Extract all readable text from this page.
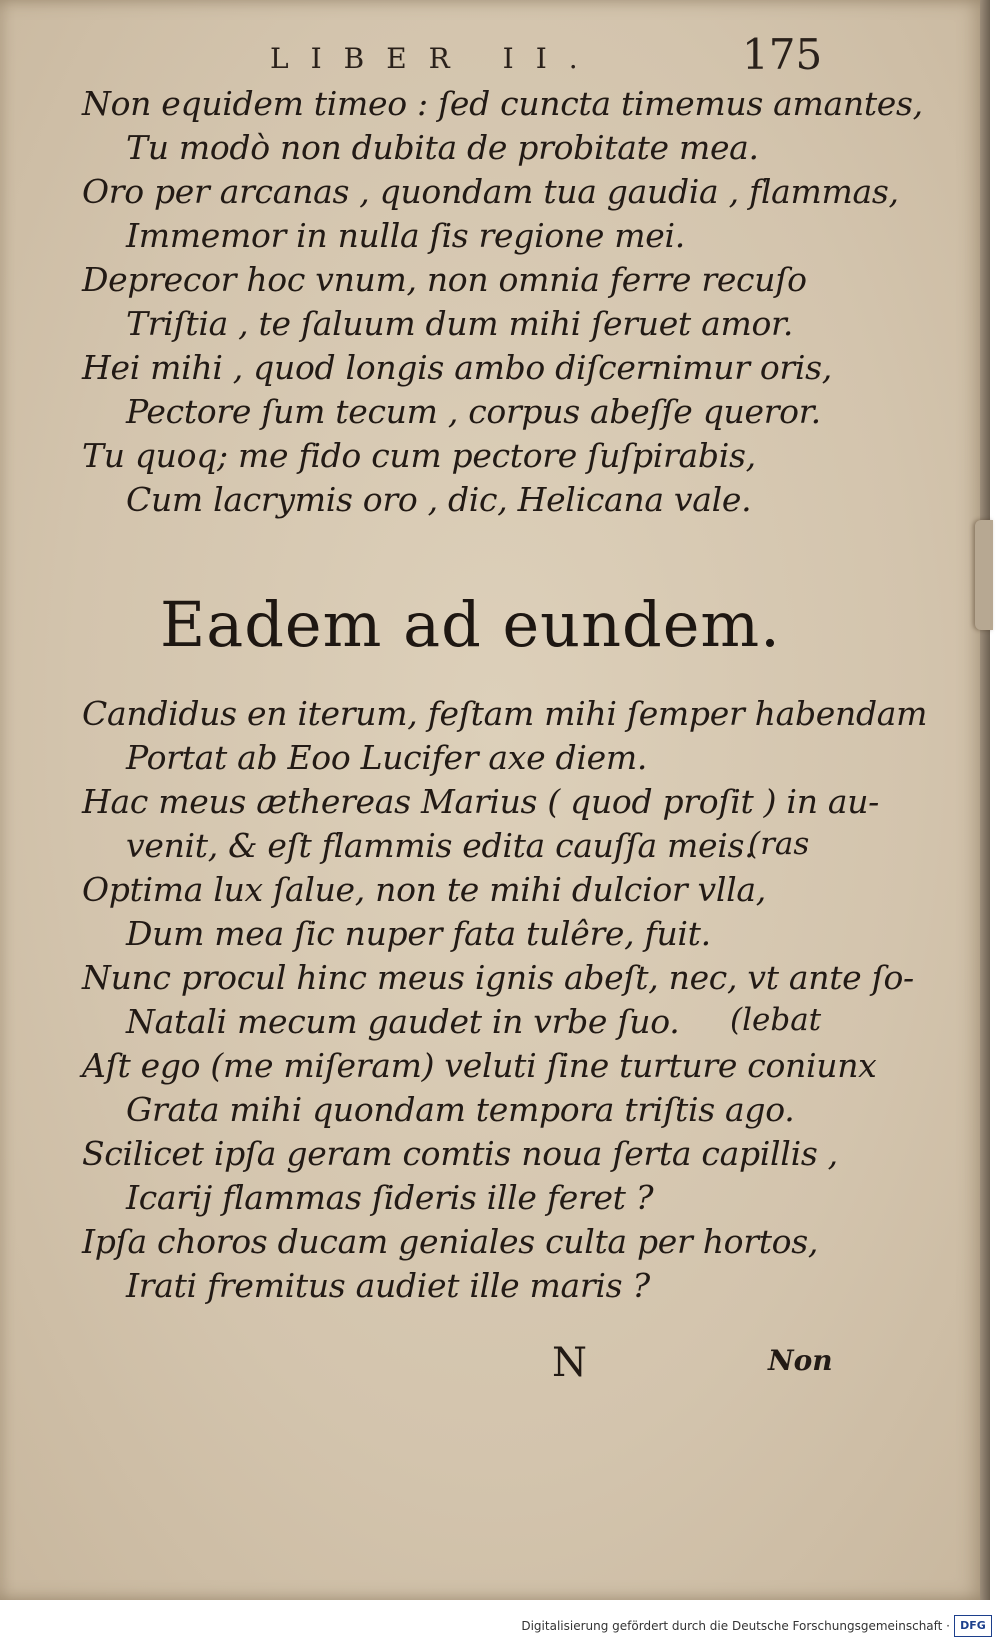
LIBER II.	175
Non equidem timeo : ſed cuncta timemus amantes,
Tu modò non dubita de probitate mea.
Oro per arcanas , quondam tua gaudia , flammas,
Immemor in nulla ſis regione mei.
Deprecor hoc vnum, non omnia ferre recuſo
Triſtia , te ſaluum dum mihi ſeruet amor.
Hei mihi , quod longis ambo diſcernimur oris,
Pectore ſum tecum , corpus abeſſe queror.
Tu quoq; me fido cum pectore ſuſpirabis,
Cum lacrymis oro , dic, Helicana vale.
Eadem ad eundem.
Candidus en iterum, feſtam mihi ſemper habendam
Portat ab Eoo Lucifer axe diem.
Hac meus æthereas Marius ( quod proſit ) in au-
venit, & eſt flammis edita cauſſa meis.
(ras
Optima lux ſalue, non te mihi dulcior vlla,
Dum mea ſic nuper fata tulêre, fuit.
Nunc procul hinc meus ignis abeſt, nec, vt ante ſo-
Natali mecum gaudet in vrbe ſuo. (lebat
Aſt ego (me miſeram) veluti ſine turture coniunx
Grata mihi quondam tempora triſtis ago.
Scilicet ipſa geram comtis noua ſerta capillis ,
Icarij flammas ſideris ille feret ?
Ipſa choros ducam geniales culta per hortos,
Irati fremitus audiet ille maris ?
N	Non
Digitalisierung gefördert durch die Deutsche Forschungsgemeinschaft · DFG
